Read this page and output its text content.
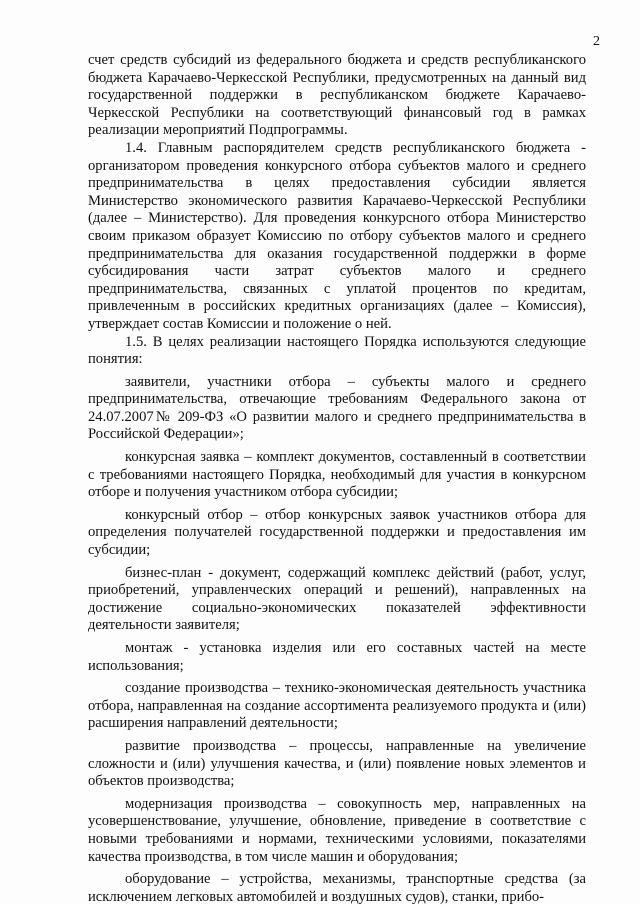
2

счет средств субсидий из федерального бюджета и средств республиканского бюджета Карачаево-Черкесской Республики, предусмотренных на данный вид государственной поддержки в республиканском бюджете Карачаево-Черкесской Республики на соответствующий финансовый год в рамках реализации мероприятий Подпрограммы.

1.4. Главным распорядителем средств республиканского бюджета - организатором проведения конкурсного отбора субъектов малого и среднего предпринимательства в целях предоставления субсидии является Министерство экономического развития Карачаево-Черкесской Республики (далее – Министерство). Для проведения конкурсного отбора Министерство своим приказом образует Комиссию по отбору субъектов малого и среднего предпринимательства для оказания государственной поддержки в форме субсидирования части затрат субъектов малого и среднего предпринимательства, связанных с уплатой процентов по кредитам, привлеченным в российских кредитных организациях (далее – Комиссия), утверждает состав Комиссии и положение о ней.

1.5. В целях реализации настоящего Порядка используются следующие понятия:

заявители, участники отбора – субъекты малого и среднего предпринимательства, отвечающие требованиям Федерального закона от 24.07.2007№ 209-ФЗ «О развитии малого и среднего предпринимательства в Российской Федерации»;

конкурсная заявка – комплект документов, составленный в соответствии с требованиями настоящего Порядка, необходимый для участия в конкурсном отборе и получения участником отбора субсидии;

конкурсный отбор – отбор конкурсных заявок участников отбора для определения получателей государственной поддержки и предоставления им субсидии;

бизнес-план - документ, содержащий комплекс действий (работ, услуг, приобретений, управленческих операций и решений), направленных на достижение социально-экономических показателей эффективности деятельности заявителя;

монтаж - установка изделия или его составных частей на месте использования;

создание производства – технико-экономическая деятельность участника отбора, направленная на создание ассортимента реализуемого продукта и (или) расширения направлений деятельности;

развитие производства – процессы, направленные на увеличение сложности и (или) улучшения качества, и (или) появление новых элементов и объектов производства;

модернизация производства – совокупность мер, направленных на усовершенствование, улучшение, обновление, приведение в соответствие с новыми требованиями и нормами, техническими условиями, показателями качества производства, в том числе машин и оборудования;

оборудование – устройства, механизмы, транспортные средства (за исключением легковых автомобилей и воздушных судов), станки, прибо-
